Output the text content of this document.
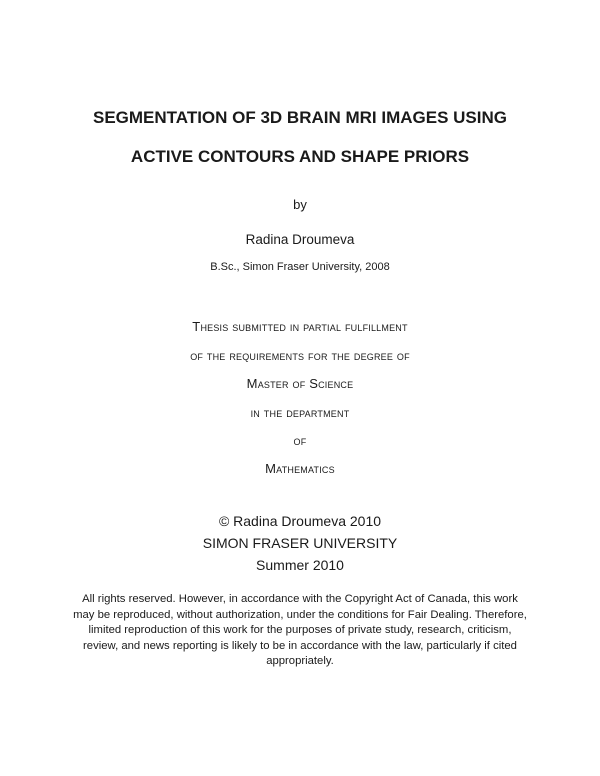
SEGMENTATION OF 3D BRAIN MRI IMAGES USING
ACTIVE CONTOURS AND SHAPE PRIORS
by
Radina Droumeva
B.Sc., Simon Fraser University, 2008
Thesis submitted in partial fulfillment
of the requirements for the degree of
Master of Science
in the department
of
Mathematics
© Radina Droumeva 2010
SIMON FRASER UNIVERSITY
Summer 2010
All rights reserved. However, in accordance with the Copyright Act of Canada, this work may be reproduced, without authorization, under the conditions for Fair Dealing. Therefore, limited reproduction of this work for the purposes of private study, research, criticism, review, and news reporting is likely to be in accordance with the law, particularly if cited appropriately.
